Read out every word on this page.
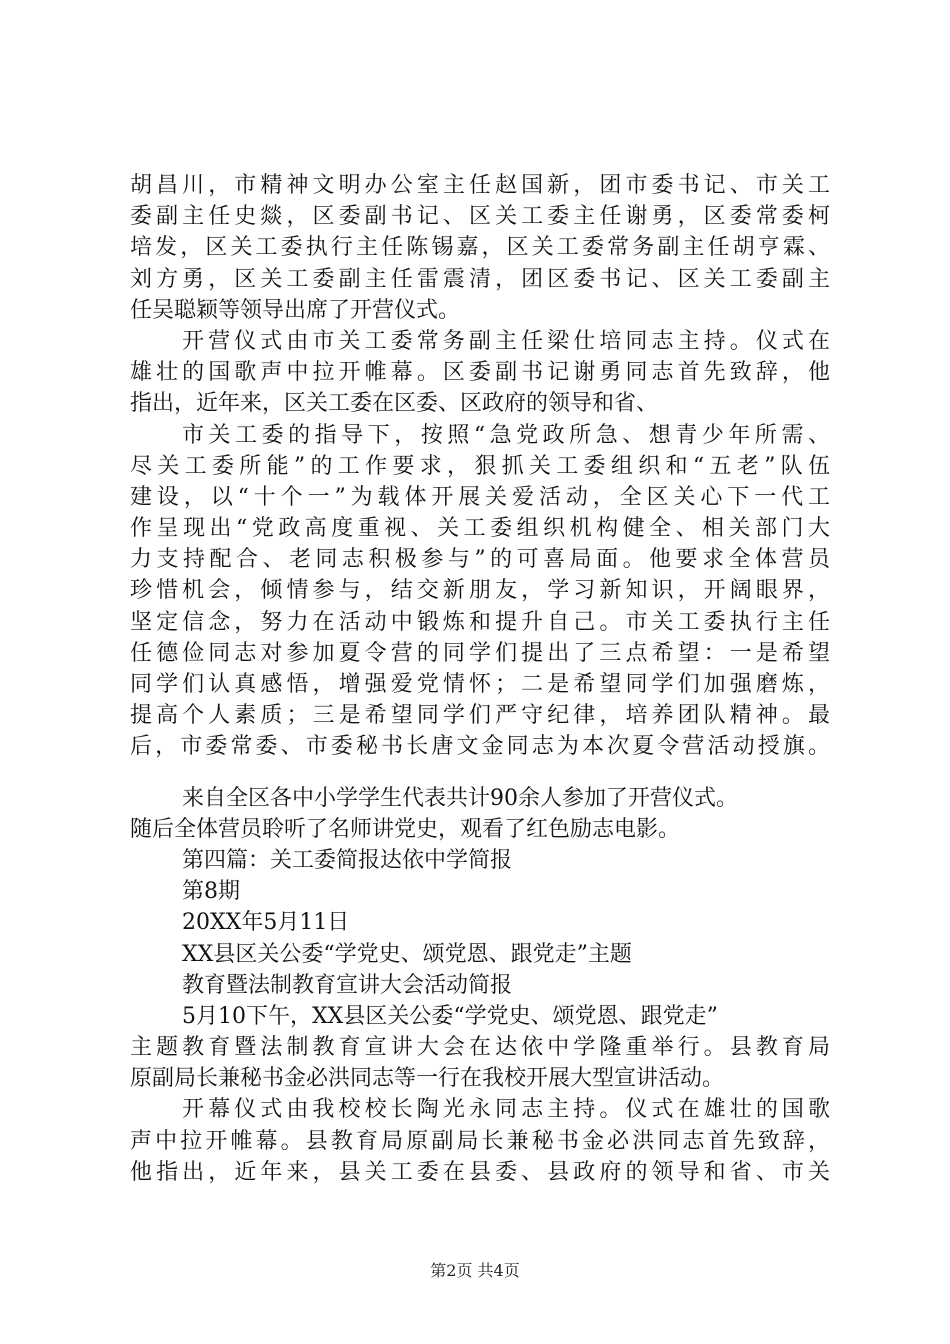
胡昌川，市精神文明办公室主任赵国新，团市委书记、市关工
委副主任史燚，区委副书记、区关工委主任谢勇，区委常委柯
培发，区关工委执行主任陈锡嘉，区关工委常务副主任胡亨霖、
刘方勇，区关工委副主任雷震清，团区委书记、区关工委副主
任吴聪颖等领导出席了开营仪式。
开营仪式由市关工委常务副主任梁仕培同志主持。仪式在
雄壮的国歌声中拉开帷幕。区委副书记谢勇同志首先致辞，他
指出，近年来，区关工委在区委、区政府的领导和省、
市关工委的指导下，按照“急党政所急、想青少年所需、
尽关工委所能”的工作要求，狠抓关工委组织和“五老”队伍
建设，以“十个一”为载体开展关爱活动，全区关心下一代工
作呈现出“党政高度重视、关工委组织机构健全、相关部门大
力支持配合、老同志积极参与”的可喜局面。他要求全体营员
珍惜机会，倾情参与，结交新朋友，学习新知识，开阔眼界，
坚定信念，努力在活动中锻炼和提升自己。市关工委执行主任
任德俭同志对参加夏令营的同学们提出了三点希望：一是希望
同学们认真感悟，增强爱党情怀；二是希望同学们加强磨炼，
提高个人素质；三是希望同学们严守纪律，培养团队精神。最
后，市委常委、市委秘书长唐文金同志为本次夏令营活动授旗。
来自全区各中小学学生代表共计90余人参加了开营仪式。
随后全体营员聆听了名师讲党史，观看了红色励志电影。
第四篇：关工委简报达依中学简报
第8期
20XX年5月11日
XX县区关公委“学党史、颂党恩、跟党走”主题
教育暨法制教育宣讲大会活动简报
5月10下午，XX县区关公委“学党史、颂党恩、跟党走”
主题教育暨法制教育宣讲大会在达依中学隆重举行。县教育局
原副局长兼秘书金必洪同志等一行在我校开展大型宣讲活动。
开幕仪式由我校校长陶光永同志主持。仪式在雄壮的国歌
声中拉开帷幕。县教育局原副局长兼秘书金必洪同志首先致辞，
他指出，近年来，县关工委在县委、县政府的领导和省、市关
第2页 共4页
